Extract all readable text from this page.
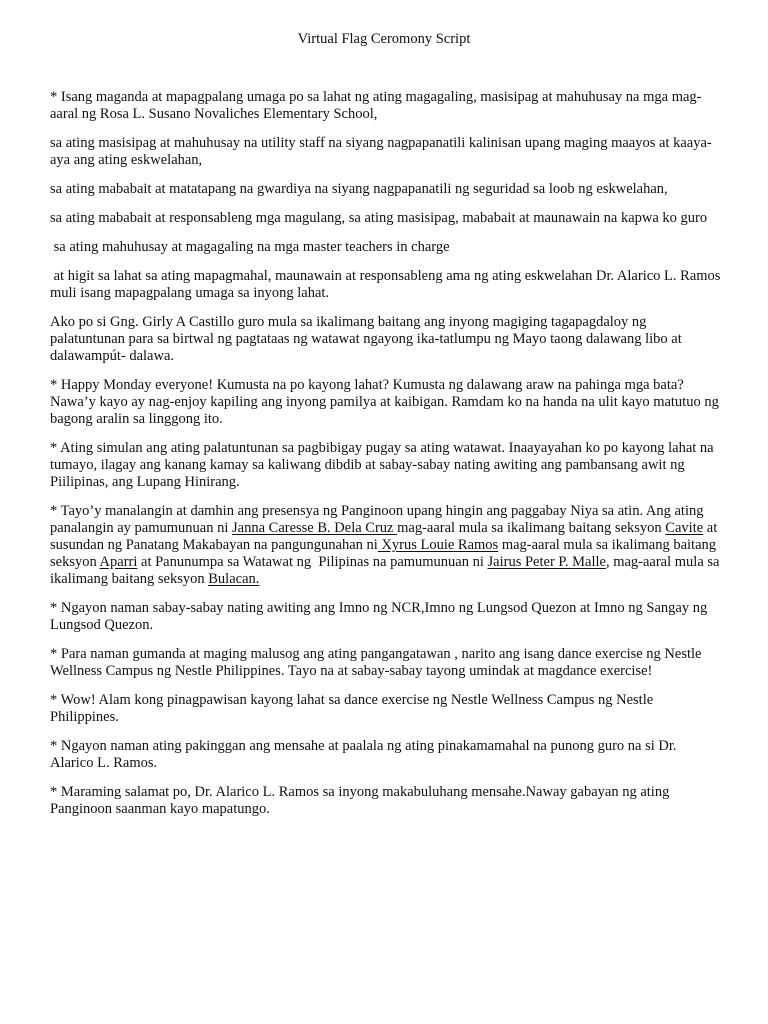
Virtual Flag Ceromony Script

* Isang maganda at mapagpalang umaga po sa lahat ng ating magagaling, masisipag at mahuhusay na mga mag-aaral ng Rosa L. Susano Novaliches Elementary School,

sa ating masisipag at mahuhusay na utility staff na siyang nagpapanatili kalinisan upang maging maayos at kaaya-aya ang ating eskwelahan,

sa ating mababait at matatapang na gwardiya na siyang nagpapanatili ng seguridad sa loob ng eskwelahan,

sa ating mababait at responsableng mga magulang, sa ating masisipag, mababait at maunawain na kapwa ko guro

sa ating mahuhusay at magagaling na mga master teachers in charge

at higit sa lahat sa ating mapagmahal, maunawain at responsableng ama ng ating eskwelahan Dr. Alarico L. Ramos muli isang mapagpalang umaga sa inyong lahat.

Ako po si Gng. Girly A Castillo guro mula sa ikalimang baitang ang inyong magiging tagapagdaloy ng palatuntunan para sa birtwal ng pagtataas ng watawat ngayong ika-tatlumpu ng Mayo taong dalawang libo at dalawampút- dalawa.

* Happy Monday everyone! Kumusta na po kayong lahat? Kumusta ng dalawang araw na pahinga mga bata? Nawa’y kayo ay nag-enjoy kapiling ang inyong pamilya at kaibigan. Ramdam ko na handa na ulit kayo matutuo ng bagong aralin sa linggong ito.

* Ating simulan ang ating palatuntunan sa pagbibigay pugay sa ating watawat. Inaayayahan ko po kayong lahat na tumayo, ilagay ang kanang kamay sa kaliwang dibdib at sabay-sabay nating awiting ang pambansang awit ng Piilipinas, ang Lupang Hinirang.

* Tayo’y manalangin at damhin ang presensya ng Panginoon upang hingin ang paggabay Niya sa atin. Ang ating panalangin ay pamumunuan ni Janna Caresse B. Dela Cruz mag-aaral mula sa ikalimang baitang seksyon Cavite at susundan ng Panatang Makabayan na pangungunahan ni Xyrus Louie Ramos mag-aaral mula sa ikalimang baitang seksyon Aparri at Panunumpa sa Watawat ng  Pilipinas na pamumunuan ni Jairus Peter P. Malle, mag-aaral mula sa ikalimang baitang seksyon Bulacan.

* Ngayon naman sabay-sabay nating awiting ang Imno ng NCR,Imno ng Lungsod Quezon at Imno ng Sangay ng Lungsod Quezon.

* Para naman gumanda at maging malusog ang ating pangangatawan , narito ang isang dance exercise ng Nestle Wellness Campus ng Nestle Philippines. Tayo na at sabay-sabay tayong umindak at magdance exercise!

* Wow! Alam kong pinagpawisan kayong lahat sa dance exercise ng Nestle Wellness Campus ng Nestle Philippines.

* Ngayon naman ating pakinggan ang mensahe at paalala ng ating pinakamamahal na punong guro na si Dr. Alarico L. Ramos.

* Maraming salamat po, Dr. Alarico L. Ramos sa inyong makabuluhang mensahe.Naway gabayan ng ating Panginoon saanman kayo mapatungo.
